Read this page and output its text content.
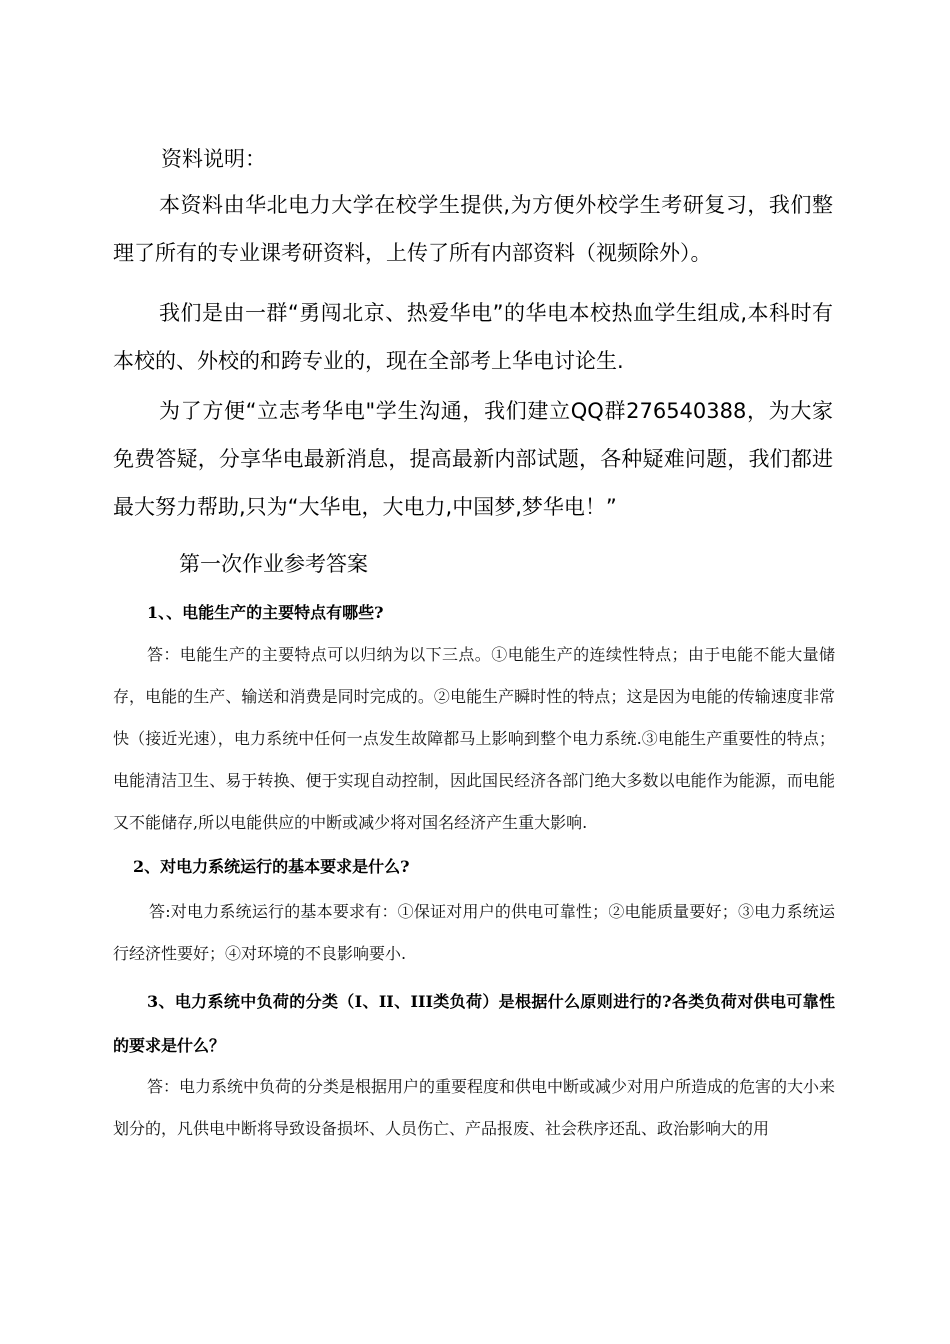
资料说明：

本资料由华北电力大学在校学生提供,为方便外校学生考研复习，我们整理了所有的专业课考研资料，上传了所有内部资料（视频除外）。

我们是由一群“勇闯北京、热爱华电”的华电本校热血学生组成,本科时有本校的、外校的和跨专业的，现在全部考上华电讨论生.

为了方便“立志考华电"学生沟通，我们建立QQ群276540388，为大家免费答疑，分享华电最新消息，提高最新内部试题，各种疑难问题，我们都进最大努力帮助,只为“大华电，大电力,中国梦,梦华电！”

第一次作业参考答案

1、、电能生产的主要特点有哪些?

答：电能生产的主要特点可以归纳为以下三点。①电能生产的连续性特点；由于电能不能大量储存，电能的生产、输送和消费是同时完成的。②电能生产瞬时性的特点；这是因为电能的传输速度非常快（接近光速），电力系统中任何一点发生故障都马上影响到整个电力系统.③电能生产重要性的特点；电能清洁卫生、易于转换、便于实现自动控制，因此国民经济各部门绝大多数以电能作为能源，而电能又不能储存,所以电能供应的中断或减少将对国名经济产生重大影响.

2、对电力系统运行的基本要求是什么?

答:对电力系统运行的基本要求有：①保证对用户的供电可靠性；②电能质量要好；③电力系统运行经济性要好；④对环境的不良影响要小.

3、电力系统中负荷的分类（I、II、III类负荷）是根据什么原则进行的?各类负荷对供电可靠性的要求是什么？

答：电力系统中负荷的分类是根据用户的重要程度和供电中断或减少对用户所造成的危害的大小来划分的，凡供电中断将导致设备损坏、人员伤亡、产品报废、社会秩序还乱、政治影响大的用
